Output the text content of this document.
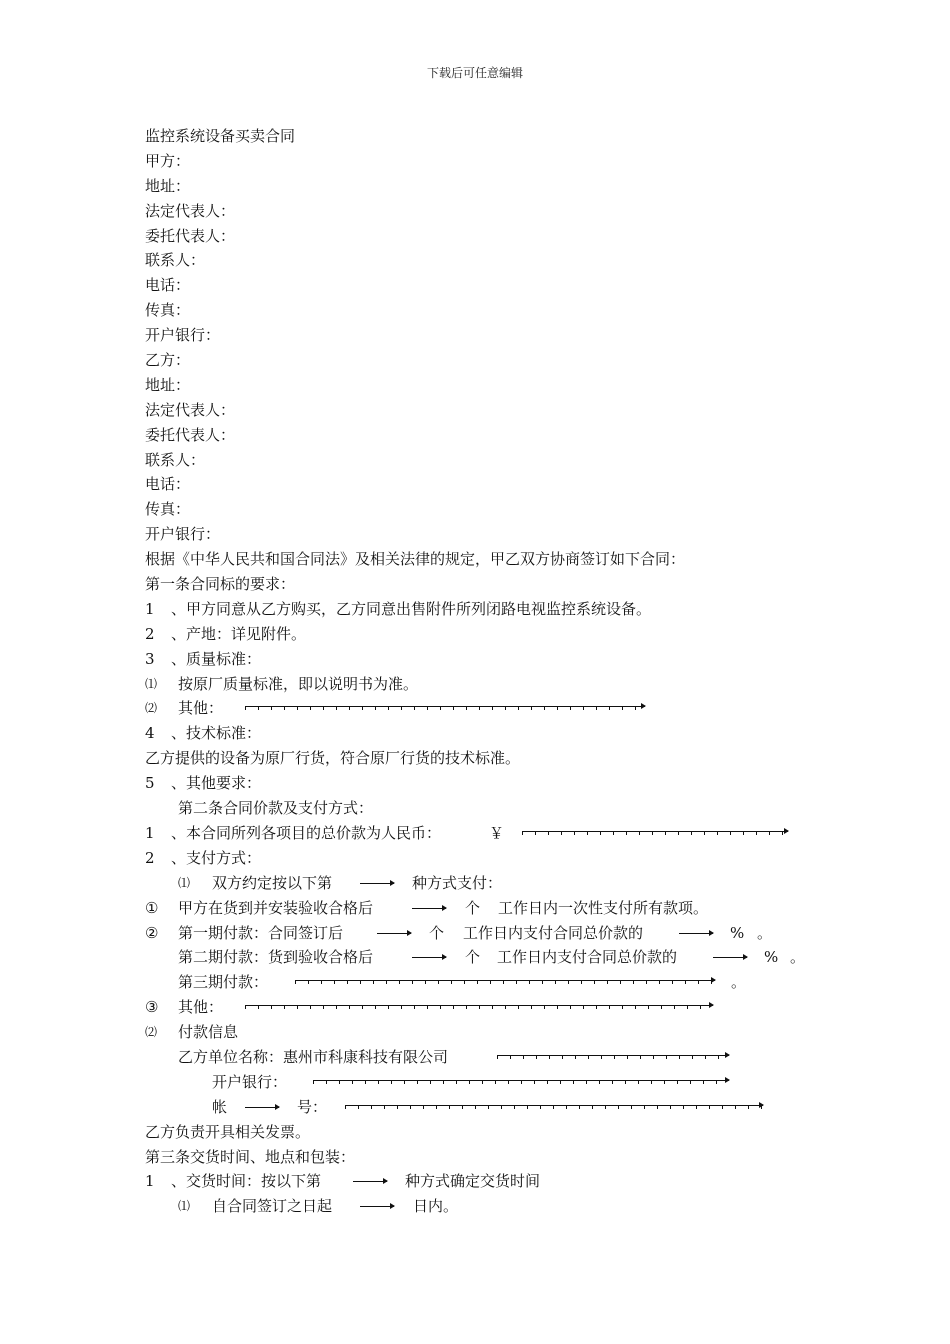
下载后可任意编辑
监控系统设备买卖合同
甲方：
地址：
法定代表人：
委托代表人：
联系人：
电话：
传真：
开户银行：
乙方：
地址：
法定代表人：
委托代表人：
联系人：
电话：
传真：
开户银行：
根据《中华人民共和国合同法》及相关法律的规定，甲乙双方协商签订如下合同：
第一条合同标的要求：
1 、甲方同意从乙方购买，乙方同意出售附件所列闭路电视监控系统设备。
2 、产地：详见附件。
3 、质量标准：
⑴ 按原厂质量标准，即以说明书为准。
⑵ 其他：
4 、技术标准：
乙方提供的设备为原厂行货，符合原厂行货的技术标准。
5 、其他要求：
第二条合同价款及支付方式：
1 、本合同所列各项目的总价款为人民币：	￥
2 、支付方式：
⑴ 双方约定按以下第	种方式支付：
① 甲方在货到并安装验收合格后	个 工作日内一次性支付所有款项。
② 第一期付款：合同签订后	个 工作日内支付合同总价款的	% 。
第二期付款：货到验收合格后	个 工作日内支付合同总价款的	% 。
第三期付款：	。
③ 其他：
⑵ 付款信息
乙方单位名称：惠州市科康科技有限公司
开户银行：
帐	号：
乙方负责开具相关发票。
第三条交货时间、地点和包装：
1 、交货时间：按以下第	种方式确定交货时间
⑴ 自合同签订之日起	日内。
